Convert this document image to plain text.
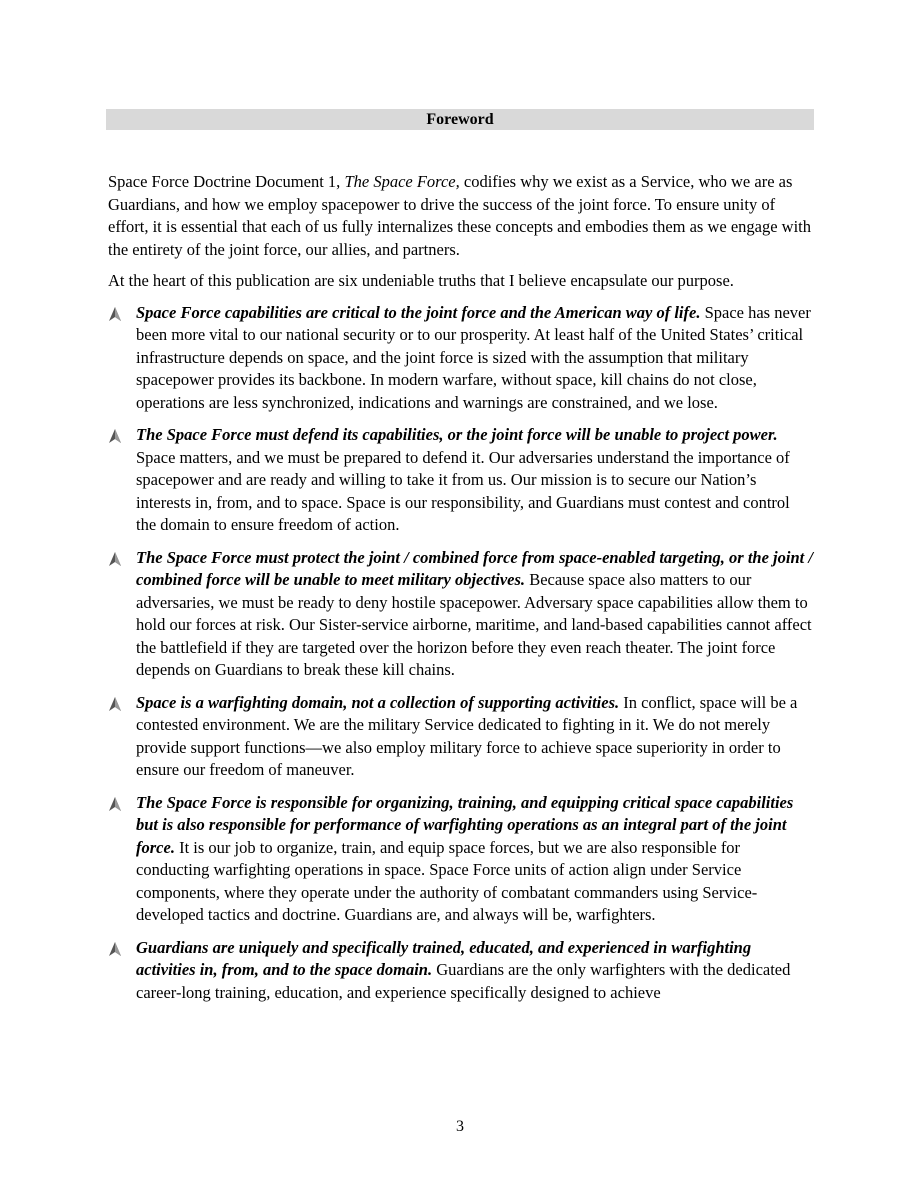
Foreword

Space Force Doctrine Document 1, The Space Force, codifies why we exist as a Service, who we are as Guardians, and how we employ spacepower to drive the success of the joint force. To ensure unity of effort, it is essential that each of us fully internalizes these concepts and embodies them as we engage with the entirety of the joint force, our allies, and partners.

At the heart of this publication are six undeniable truths that I believe encapsulate our purpose.

Space Force capabilities are critical to the joint force and the American way of life. Space has never been more vital to our national security or to our prosperity. At least half of the United States’ critical infrastructure depends on space, and the joint force is sized with the assumption that military spacepower provides its backbone. In modern warfare, without space, kill chains do not close, operations are less synchronized, indications and warnings are constrained, and we lose.
The Space Force must defend its capabilities, or the joint force will be unable to project power. Space matters, and we must be prepared to defend it. Our adversaries understand the importance of spacepower and are ready and willing to take it from us. Our mission is to secure our Nation’s interests in, from, and to space. Space is our responsibility, and Guardians must contest and control the domain to ensure freedom of action.
The Space Force must protect the joint / combined force from space-enabled targeting, or the joint / combined force will be unable to meet military objectives. Because space also matters to our adversaries, we must be ready to deny hostile spacepower. Adversary space capabilities allow them to hold our forces at risk. Our Sister-service airborne, maritime, and land-based capabilities cannot affect the battlefield if they are targeted over the horizon before they even reach theater. The joint force depends on Guardians to break these kill chains.
Space is a warfighting domain, not a collection of supporting activities. In conflict, space will be a contested environment. We are the military Service dedicated to fighting in it. We do not merely provide support functions—we also employ military force to achieve space superiority in order to ensure our freedom of maneuver.
The Space Force is responsible for organizing, training, and equipping critical space capabilities but is also responsible for performance of warfighting operations as an integral part of the joint force. It is our job to organize, train, and equip space forces, but we are also responsible for conducting warfighting operations in space. Space Force units of action align under Service components, where they operate under the authority of combatant commanders using Service-developed tactics and doctrine. Guardians are, and always will be, warfighters.
Guardians are uniquely and specifically trained, educated, and experienced in warfighting activities in, from, and to the space domain. Guardians are the only warfighters with the dedicated career-long training, education, and experience specifically designed to achieve
3
